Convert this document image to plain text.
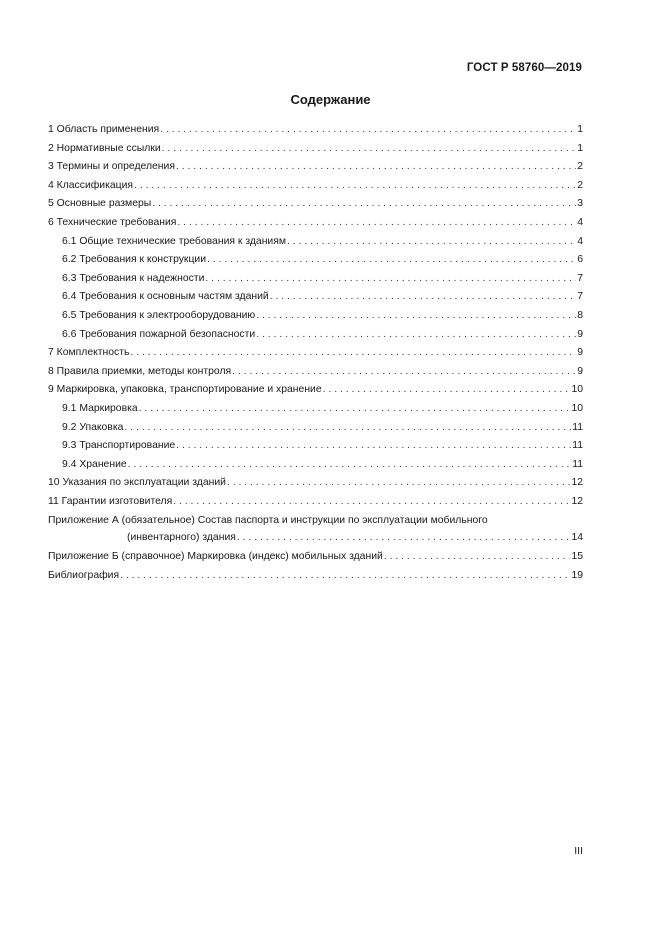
ГОСТ Р 58760—2019
Содержание
1 Область применения . . .	1
2 Нормативные ссылки . . .	1
3 Термины и определения . . .	2
4 Классификация . . .	2
5 Основные размеры . . .	3
6 Технические требования . . .	4
6.1 Общие технические требования к зданиям . . .	4
6.2 Требования к конструкции . . .	6
6.3 Требования к надежности . . .	7
6.4 Требования к основным частям зданий . . .	7
6.5 Требования к электрооборудованию . . .	8
6.6 Требования пожарной безопасности . . .	9
7 Комплектность . . .	9
8 Правила приемки, методы контроля . . .	9
9 Маркировка, упаковка, транспортирование и хранение . . .	10
9.1 Маркировка . . .	10
9.2 Упаковка . . .	11
9.3 Транспортирование . . .	11
9.4 Хранение . . .	11
10 Указания по эксплуатации зданий . . .	12
11 Гарантии изготовителя . . .	12
Приложение А (обязательное) Состав паспорта и инструкции по эксплуатации мобильного
(инвентарного) здания . . .	14
Приложение Б (справочное) Маркировка (индекс) мобильных зданий . . .	15
Библиография . . .	19
III
